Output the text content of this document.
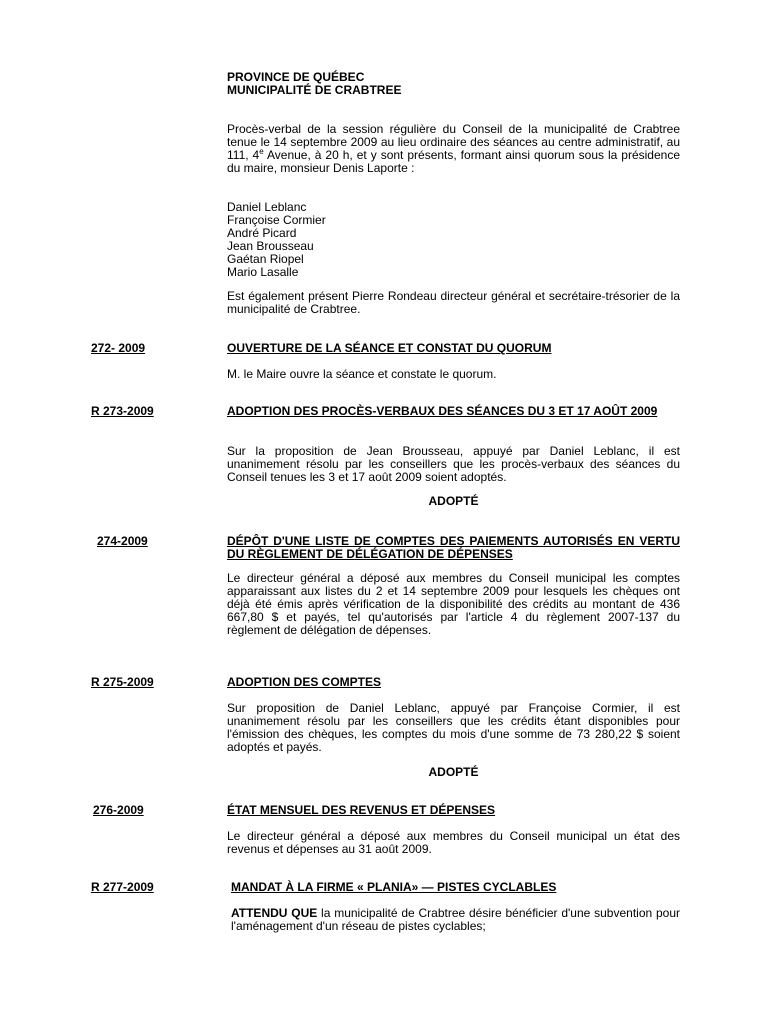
PROVINCE DE QUÉBEC
MUNICIPALITÉ DE CRABTREE
Procès-verbal de la session régulière du Conseil de la municipalité de Crabtree tenue le 14 septembre 2009 au lieu ordinaire des séances au centre administratif, au 111, 4e Avenue, à 20 h, et y sont présents, formant ainsi quorum sous la présidence du maire, monsieur Denis Laporte :
Daniel Leblanc
Françoise Cormier
André Picard
Jean Brousseau
Gaétan Riopel
Mario Lasalle
Est également présent Pierre Rondeau directeur général et secrétaire-trésorier de la municipalité de Crabtree.
272- 2009	OUVERTURE DE LA SÉANCE ET CONSTAT DU QUORUM
M. le Maire ouvre la séance et constate le quorum.
R 273-2009	ADOPTION DES PROCÈS-VERBAUX DES SÉANCES DU 3 ET 17 AOÛT 2009
Sur la proposition de Jean Brousseau, appuyé par Daniel Leblanc, il est unanimement résolu par les conseillers que les procès-verbaux des séances du Conseil tenues les 3 et 17 août 2009 soient adoptés.
ADOPTÉ
274-2009	DÉPÔT D'UNE LISTE DE COMPTES DES PAIEMENTS AUTORISÉS EN VERTU DU RÈGLEMENT DE DÉLÉGATION DE DÉPENSES
Le directeur général a déposé aux membres du Conseil municipal les comptes apparaissant aux listes du 2 et 14 septembre 2009 pour lesquels les chèques ont déjà été émis après vérification de la disponibilité des crédits au montant de 436 667,80 $ et payés, tel qu'autorisés par l'article 4 du règlement 2007-137 du règlement de délégation de dépenses.
R 275-2009	ADOPTION DES COMPTES
Sur proposition de Daniel Leblanc, appuyé par Françoise Cormier, il est unanimement résolu par les conseillers que les crédits étant disponibles pour l'émission des chèques, les comptes du mois d'une somme de 73 280,22 $ soient adoptés et payés.
ADOPTÉ
276-2009	ÉTAT MENSUEL DES REVENUS ET DÉPENSES
Le directeur général a déposé aux membres du Conseil municipal un état des revenus et dépenses au 31 août 2009.
R 277-2009	MANDAT À LA FIRME « PLANIA» — PISTES CYCLABLES
ATTENDU QUE la municipalité de Crabtree désire bénéficier d'une subvention pour l'aménagement d'un réseau de pistes cyclables;
